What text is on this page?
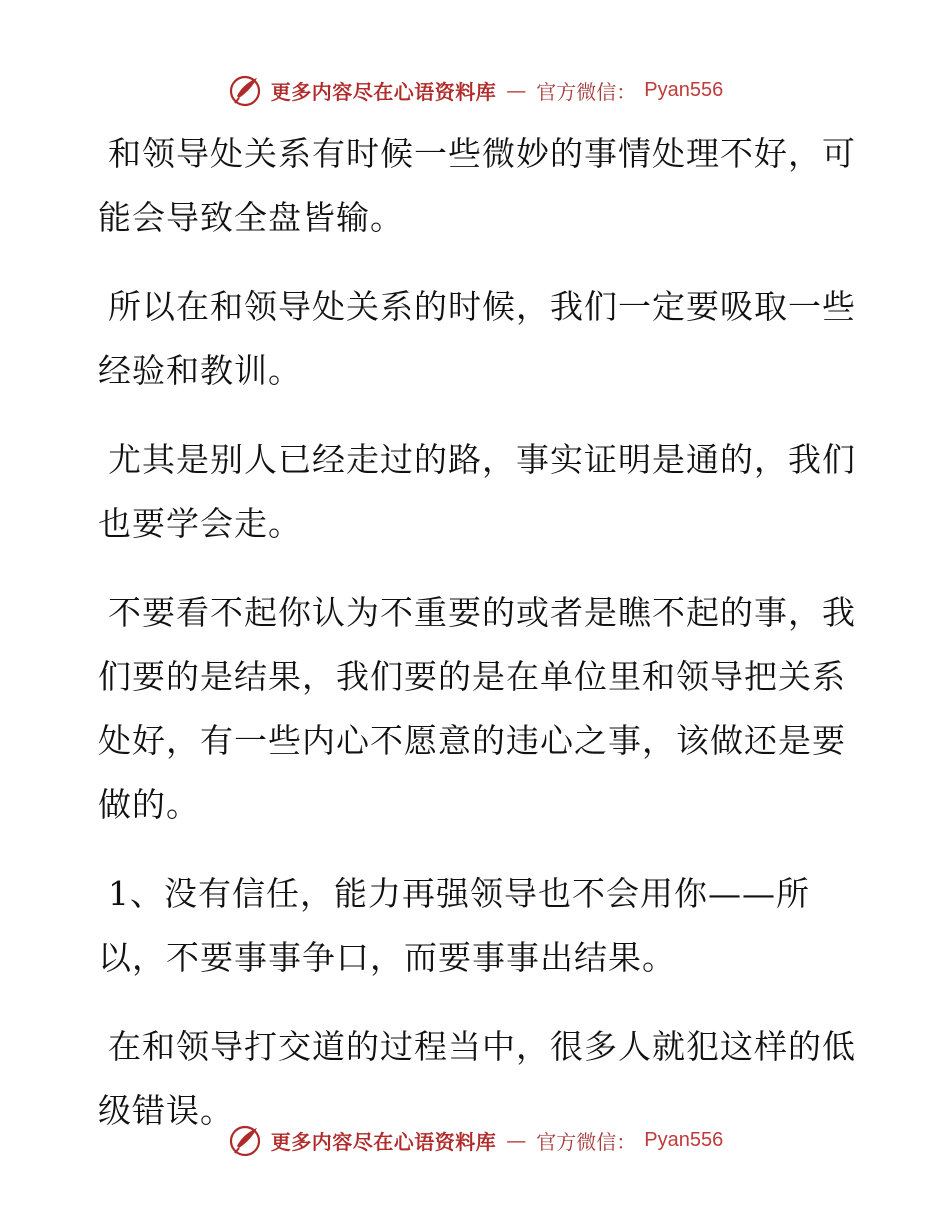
更多内容尽在心语资料库 — 官方微信： Pyan556

和领导处关系有时候一些微妙的事情处理不好，可能会导致全盘皆输。

所以在和领导处关系的时候，我们一定要吸取一些经验和教训。

尤其是别人已经走过的路，事实证明是通的，我们也要学会走。

不要看不起你认为不重要的或者是瞧不起的事，我们要的是结果，我们要的是在单位里和领导把关系处好，有一些内心不愿意的违心之事，该做还是要做的。

1、没有信任，能力再强领导也不会用你——所以，不要事事争口，而要事事出结果。

在和领导打交道的过程当中，很多人就犯这样的低级错误。

更多内容尽在心语资料库 — 官方微信： Pyan556
